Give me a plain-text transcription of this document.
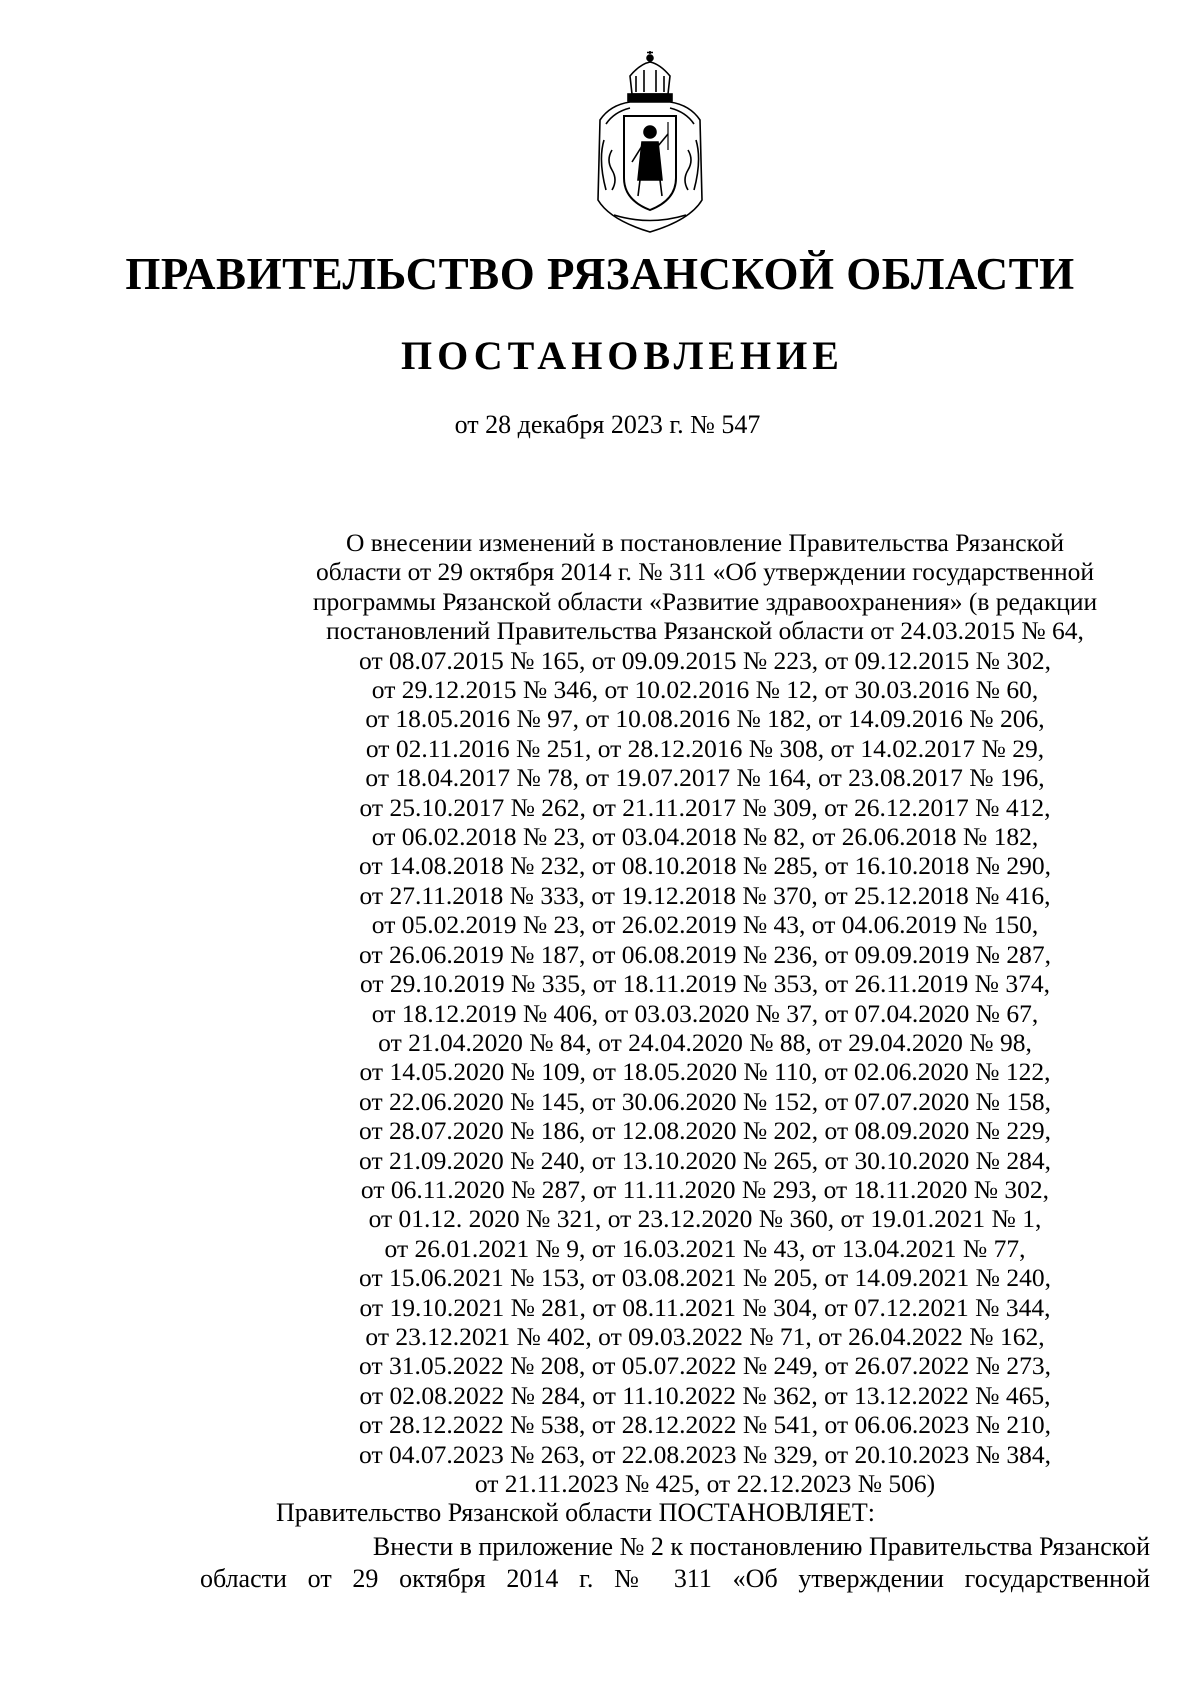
ПРАВИТЕЛЬСТВО РЯЗАНСКОЙ ОБЛАСТИ
ПОСТАНОВЛЕНИЕ
от 28 декабря 2023 г. № 547
О внесении изменений в постановление Правительства Рязанской
области от 29 октября 2014 г. № 311 «Об утверждении государственной
программы Рязанской области «Развитие здравоохранения» (в редакции
постановлений Правительства Рязанской области от 24.03.2015 № 64,
от 08.07.2015 № 165, от 09.09.2015 № 223, от 09.12.2015 № 302,
от 29.12.2015 № 346, от 10.02.2016 № 12, от 30.03.2016 № 60,
от 18.05.2016 № 97, от 10.08.2016 № 182, от 14.09.2016 № 206,
от 02.11.2016 № 251, от 28.12.2016 № 308, от 14.02.2017 № 29,
от 18.04.2017 № 78, от 19.07.2017 № 164, от 23.08.2017 № 196,
от 25.10.2017 № 262, от 21.11.2017 № 309, от 26.12.2017 № 412,
от 06.02.2018 № 23, от 03.04.2018 № 82, от 26.06.2018 № 182,
от 14.08.2018 № 232, от 08.10.2018 № 285, от 16.10.2018 № 290,
от 27.11.2018 № 333, от 19.12.2018 № 370, от 25.12.2018 № 416,
от 05.02.2019 № 23, от 26.02.2019 № 43, от 04.06.2019 № 150,
от 26.06.2019 № 187, от 06.08.2019 № 236, от 09.09.2019 № 287,
от 29.10.2019 № 335, от 18.11.2019 № 353, от 26.11.2019 № 374,
от 18.12.2019 № 406, от 03.03.2020 № 37, от 07.04.2020 № 67,
от 21.04.2020 № 84, от 24.04.2020 № 88, от 29.04.2020 № 98,
от 14.05.2020 № 109, от 18.05.2020 № 110, от 02.06.2020 № 122,
от 22.06.2020 № 145, от 30.06.2020 № 152, от 07.07.2020 № 158,
от 28.07.2020 № 186, от 12.08.2020 № 202, от 08.09.2020 № 229,
от 21.09.2020 № 240, от 13.10.2020 № 265, от 30.10.2020 № 284,
от 06.11.2020 № 287, от 11.11.2020 № 293, от 18.11.2020 № 302,
от 01.12. 2020 № 321, от 23.12.2020 № 360, от 19.01.2021 № 1,
от 26.01.2021 № 9, от 16.03.2021 № 43, от 13.04.2021 № 77,
от 15.06.2021 № 153, от 03.08.2021 № 205, от 14.09.2021 № 240,
от 19.10.2021 № 281, от 08.11.2021 № 304, от 07.12.2021 № 344,
от 23.12.2021 № 402, от 09.03.2022 № 71, от 26.04.2022 № 162,
от 31.05.2022 № 208, от 05.07.2022 № 249, от 26.07.2022 № 273,
от 02.08.2022 № 284, от 11.10.2022 № 362, от 13.12.2022 № 465,
от 28.12.2022 № 538, от 28.12.2022 № 541, от 06.06.2023 № 210,
от 04.07.2023 № 263, от 22.08.2023 № 329, от 20.10.2023 № 384,
от 21.11.2023 № 425, от 22.12.2023 № 506)
Правительство Рязанской области ПОСТАНОВЛЯЕТ:
Внести в приложение № 2 к постановлению Правительства Рязанской
области от 29 октября 2014 г. № 311 «Об утверждении государственной
